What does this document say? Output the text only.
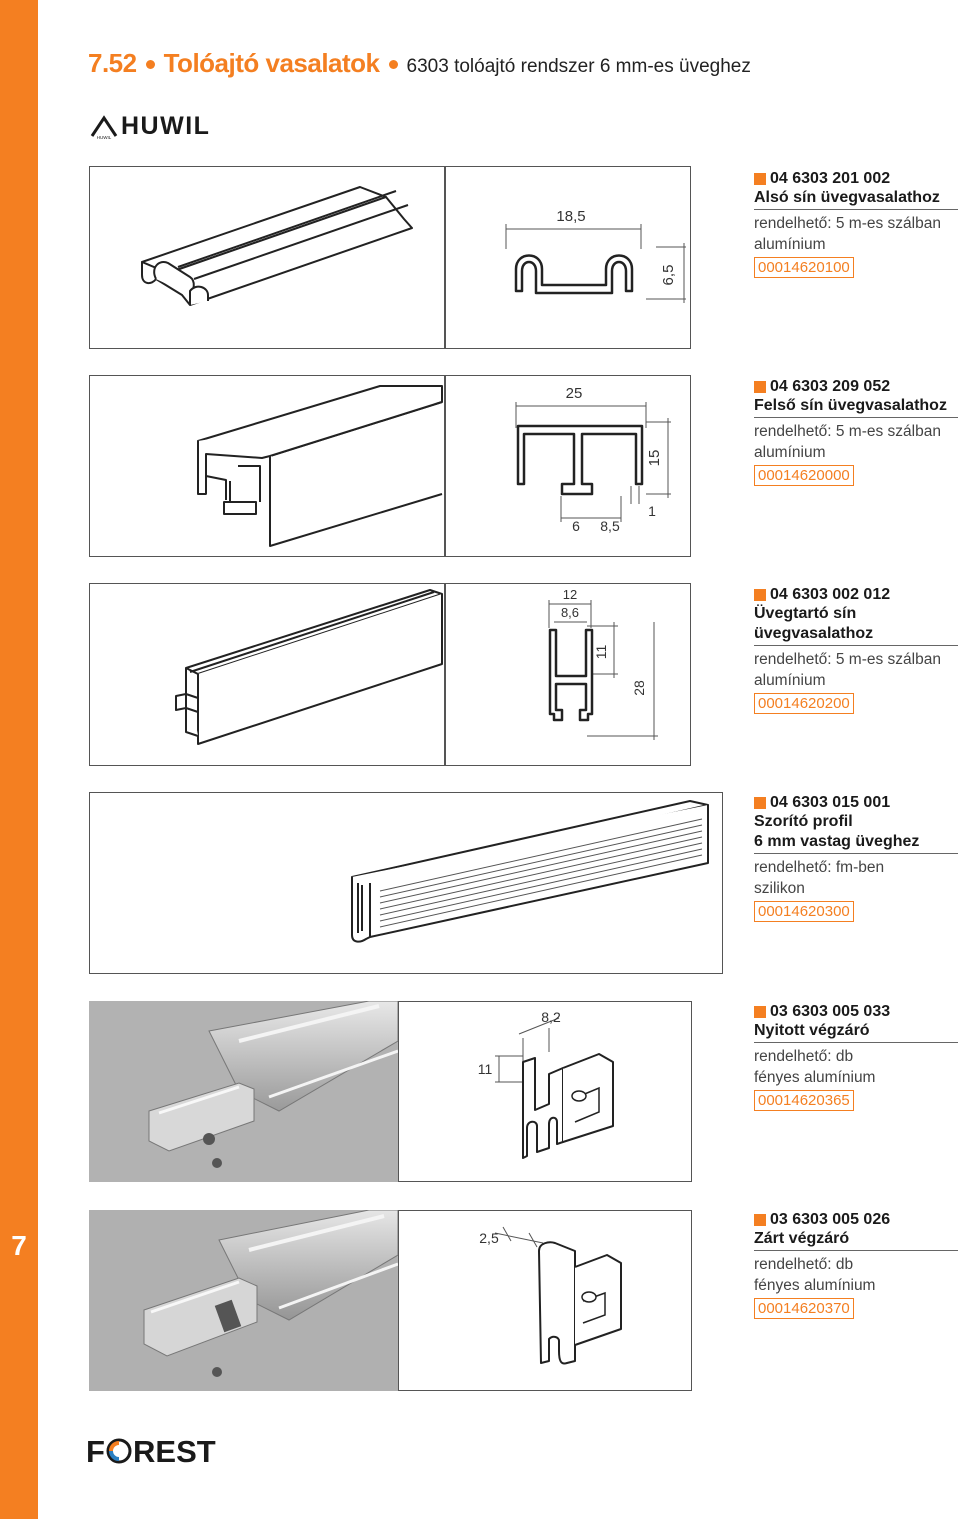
7
7.52 Tolóajtó vasalatok 6303 tolóajtó rendszer 6 mm-es üveghez
HUWIL HUWIL
18,5
6,5
04 6303 201 002
Alsó sín üvegvasalathoz
rendelhető: 5 m-es szálban
alumínium
00014620100
25
15
6 8,5
1
04 6303 209 052
Felső sín üvegvasalathoz
rendelhető: 5 m-es szálban
alumínium
00014620000
12
8,6
11
28
04 6303 002 012
Üvegtartó sín
üvegvasalathoz
rendelhető: 5 m-es szálban
alumínium
00014620200
04 6303 015 001
Szorító profil
6 mm vastag üveghez
rendelhető: fm-ben
szilikon
00014620300
8,2
11
03 6303 005 033
Nyitott végzáró
rendelhető: db
fényes alumínium
00014620365
2,5
03 6303 005 026
Zárt végzáró
rendelhető: db
fényes alumínium
00014620370
F REST
